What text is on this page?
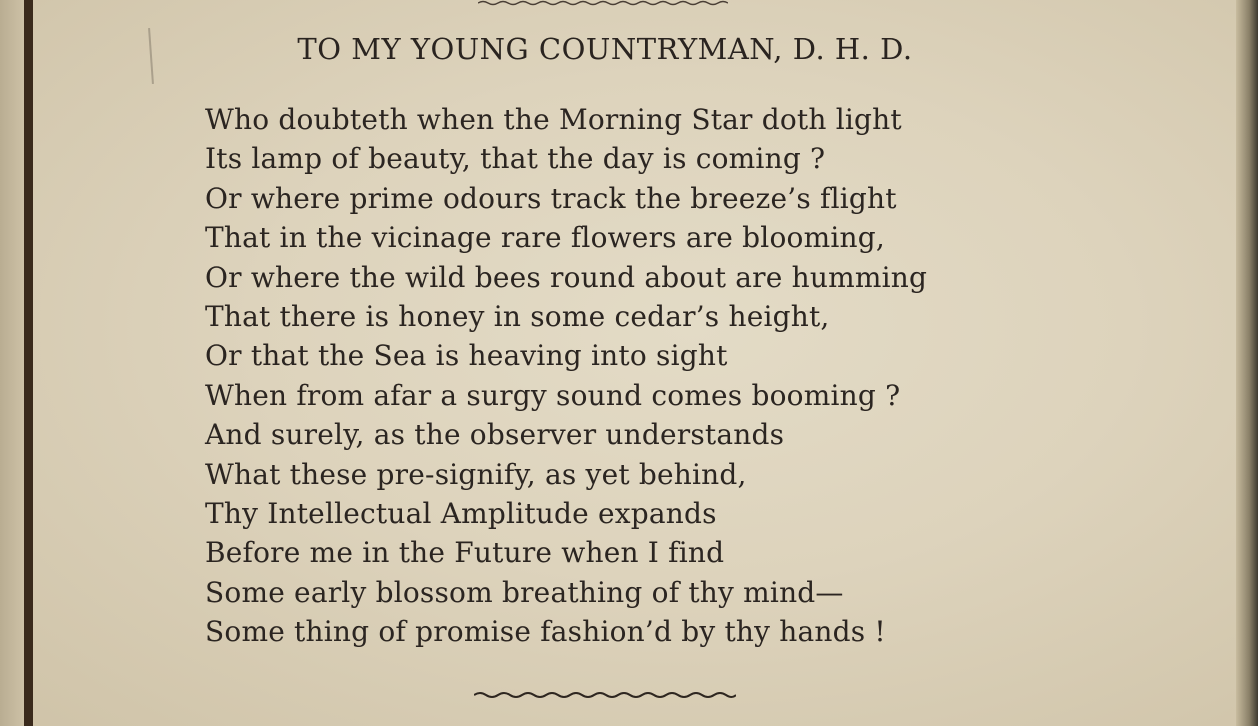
TO MY YOUNG COUNTRYMAN, D. H. D.
Who doubteth when the Morning Star doth light
Its lamp of beauty, that the day is coming ?
Or where prime odours track the breeze’s flight
That in the vicinage rare flowers are blooming,
Or where the wild bees round about are humming
That there is honey in some cedar’s height,
Or that the Sea is heaving into sight
When from afar a surgy sound comes booming ?
And surely, as the observer understands
What these pre-signify, as yet behind,
Thy Intellectual Amplitude expands
Before me in the Future when I find
Some early blossom breathing of thy mind—
Some thing of promise fashion’d by thy hands !
